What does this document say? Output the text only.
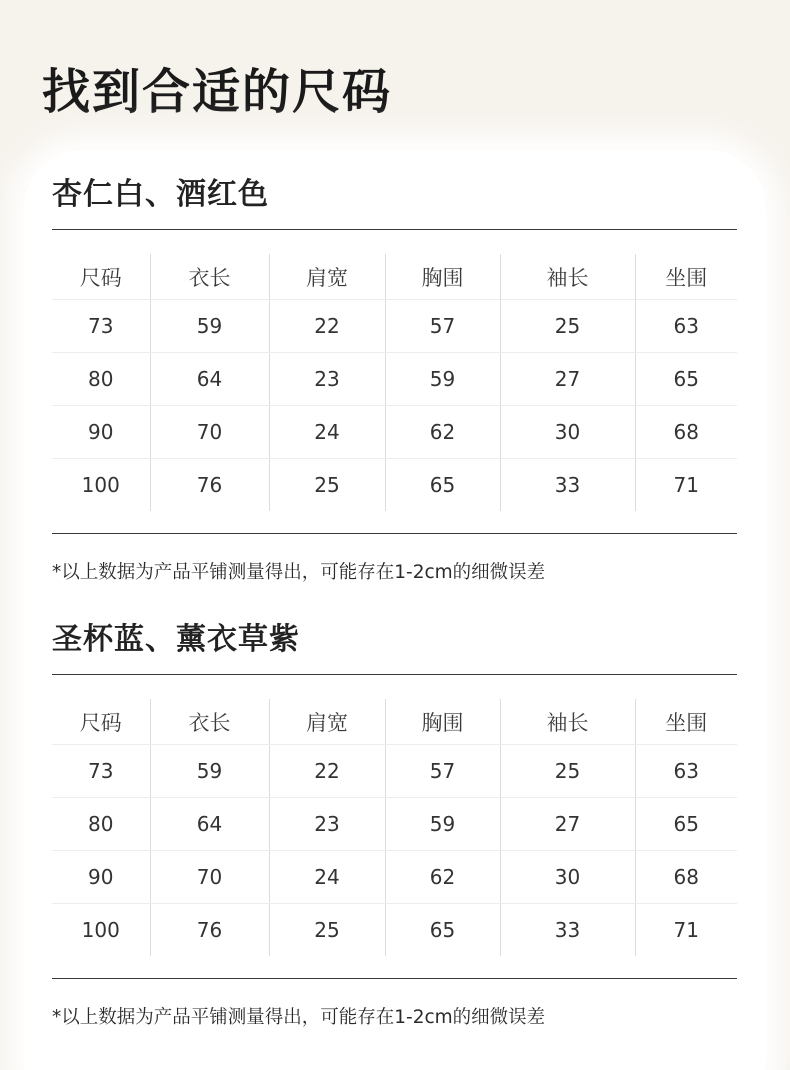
找到合适的尺码
杏仁白、酒红色
尺码	衣长	肩宽	胸围	袖长	坐围
73	59	22	57	25	63
80	64	23	59	27	65
90	70	24	62	30	68
100	76	25	65	33	71

*以上数据为产品平铺测量得出，可能存在1-2cm的细微误差

圣杯蓝、薰衣草紫
尺码	衣长	肩宽	胸围	袖长	坐围
73	59	22	57	25	63
80	64	23	59	27	65
90	70	24	62	30	68
100	76	25	65	33	71

*以上数据为产品平铺测量得出，可能存在1-2cm的细微误差
